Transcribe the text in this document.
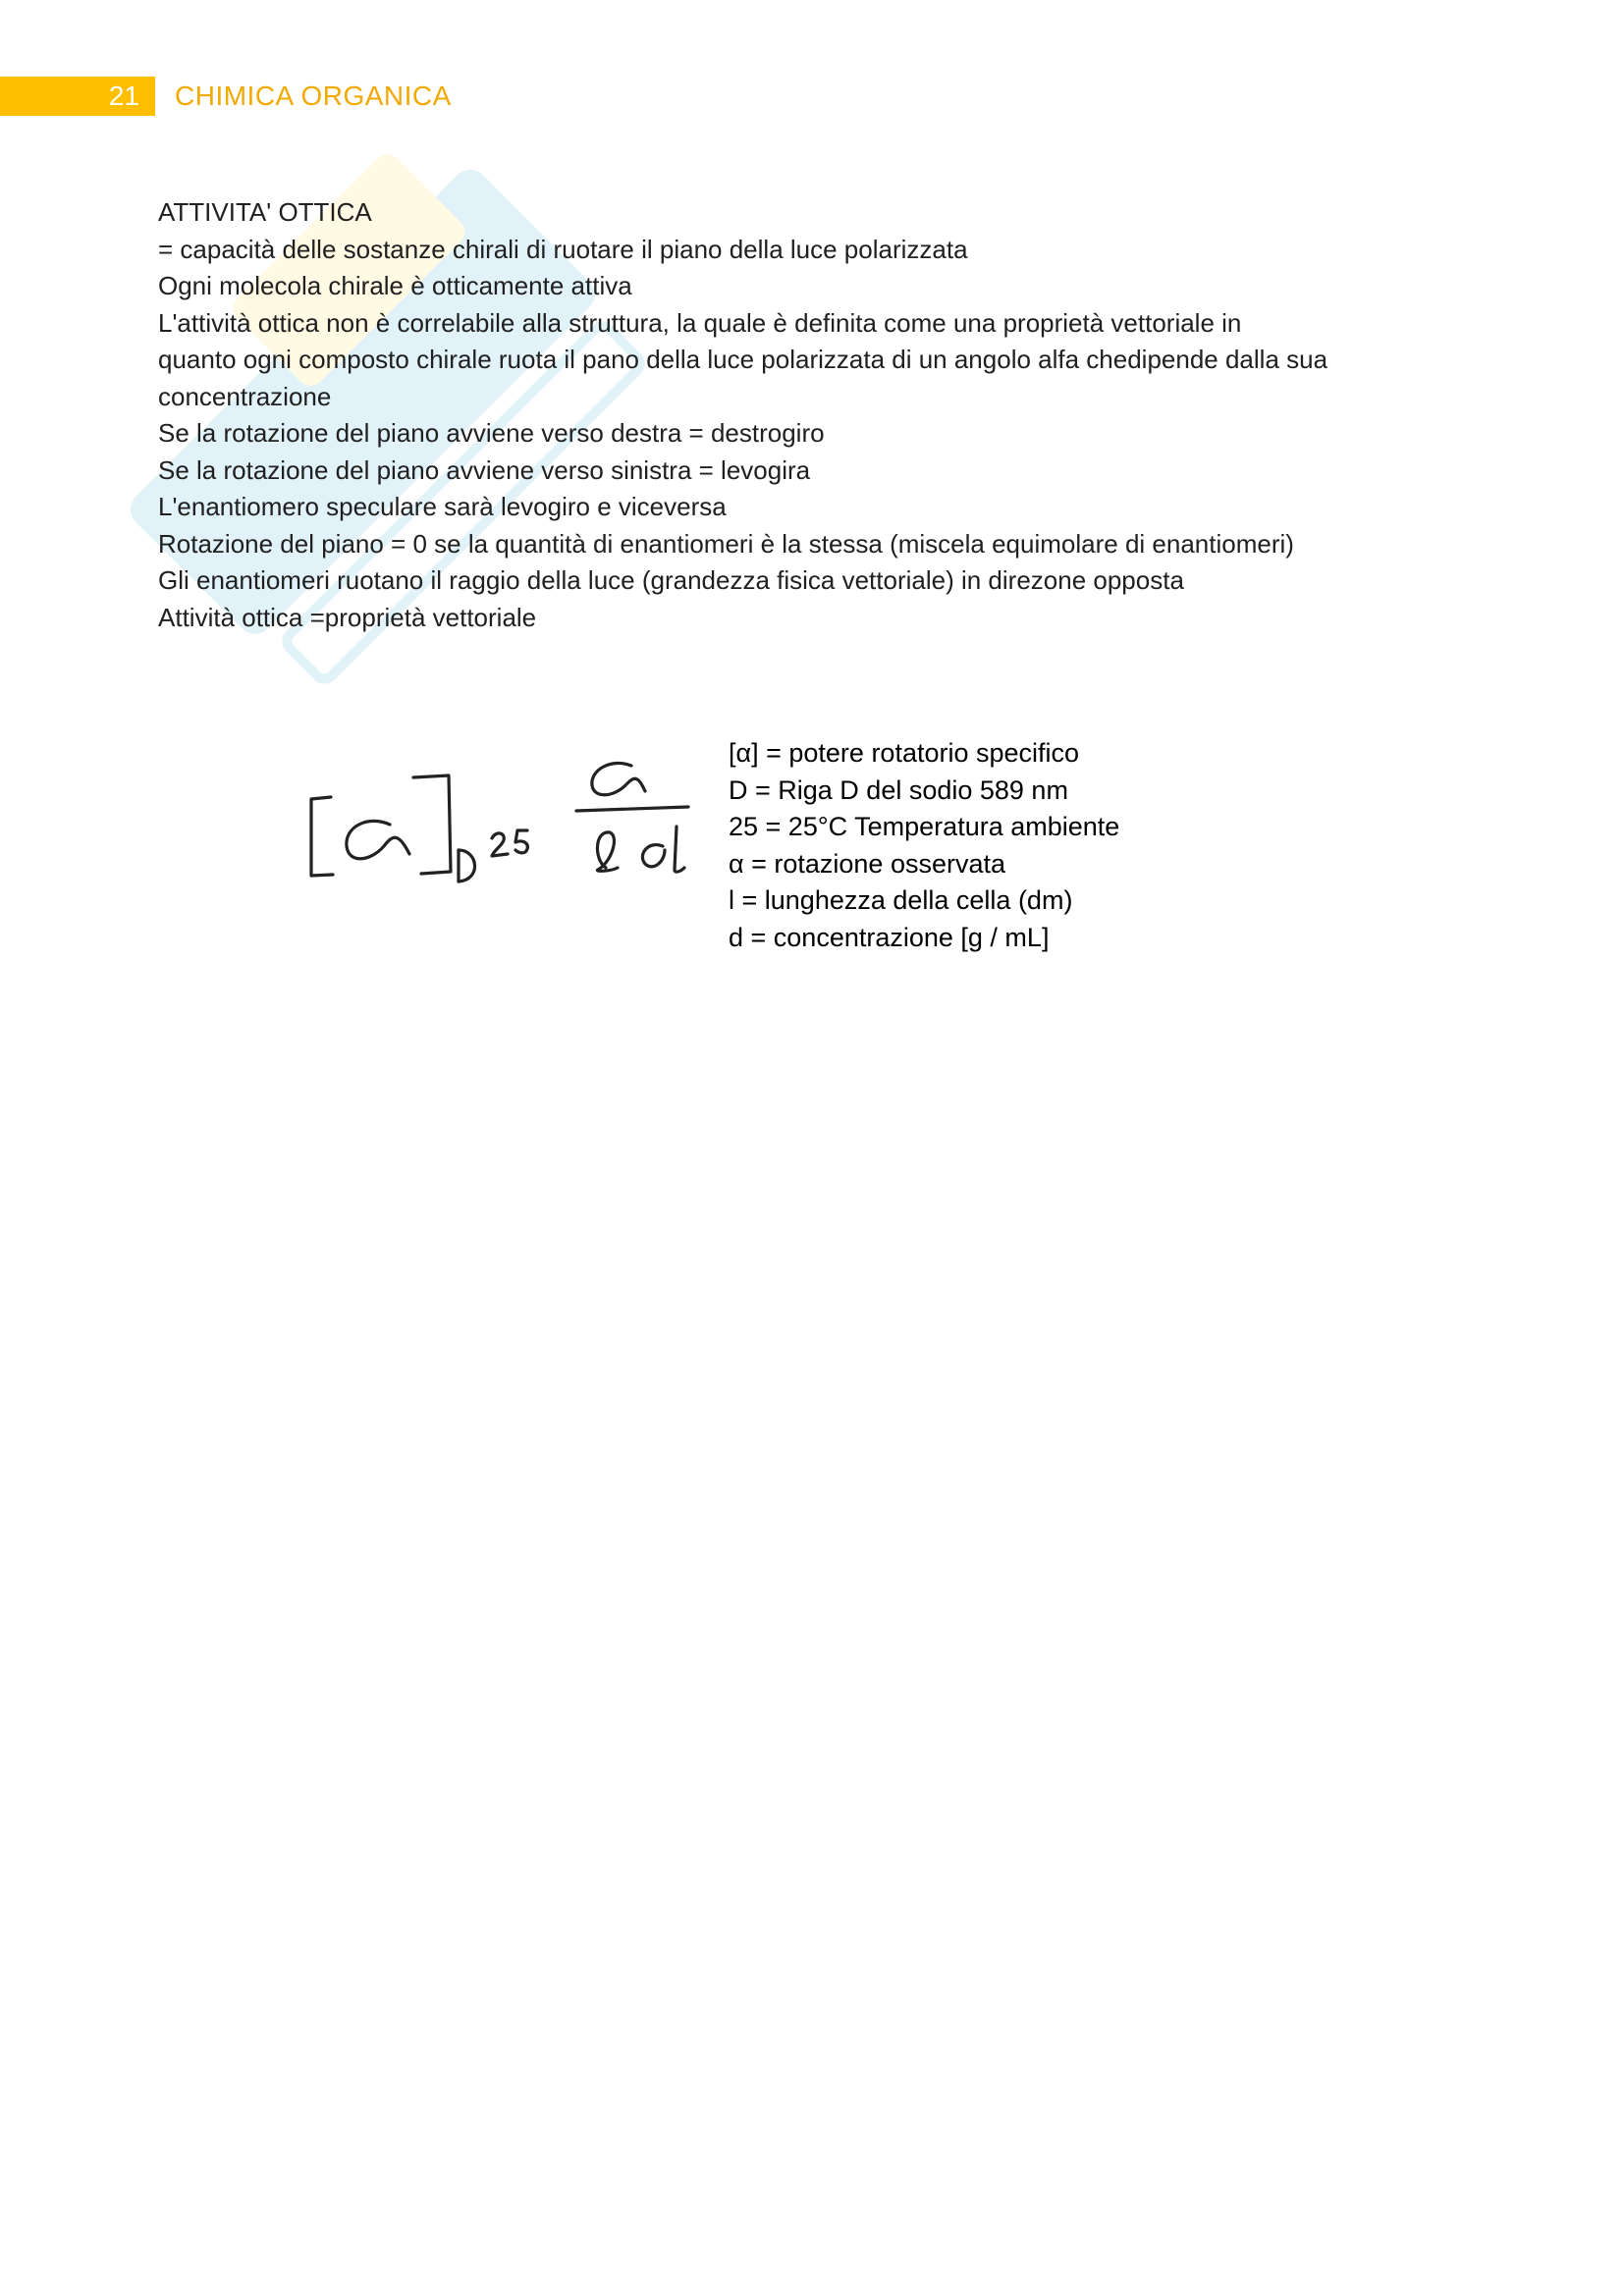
21 CHIMICA ORGANICA
ATTIVITA' OTTICA
= capacità delle sostanze chirali di ruotare il piano della luce polarizzata
Ogni molecola chirale è otticamente attiva
L'attività ottica non è correlabile alla struttura, la quale è definita come una proprietà vettoriale in
quanto ogni composto chirale ruota il pano della luce polarizzata di un angolo alfa chedipende dalla sua
concentrazione
Se la rotazione del piano avviene verso destra = destrogiro
Se la rotazione del piano avviene verso sinistra = levogira
L'enantiomero speculare sarà levogiro e viceversa
Rotazione del piano = 0 se la quantità di enantiomeri è la stessa (miscela equimolare di enantiomeri)
Gli enantiomeri ruotano il raggio della luce (grandezza fisica vettoriale) in direzone opposta
Attività ottica =proprietà vettoriale
[α] = potere rotatorio specifico
D = Riga D del sodio 589 nm
25 = 25°C Temperatura ambiente
α = rotazione osservata
l = lunghezza della cella (dm)
d = concentrazione [g / mL]
